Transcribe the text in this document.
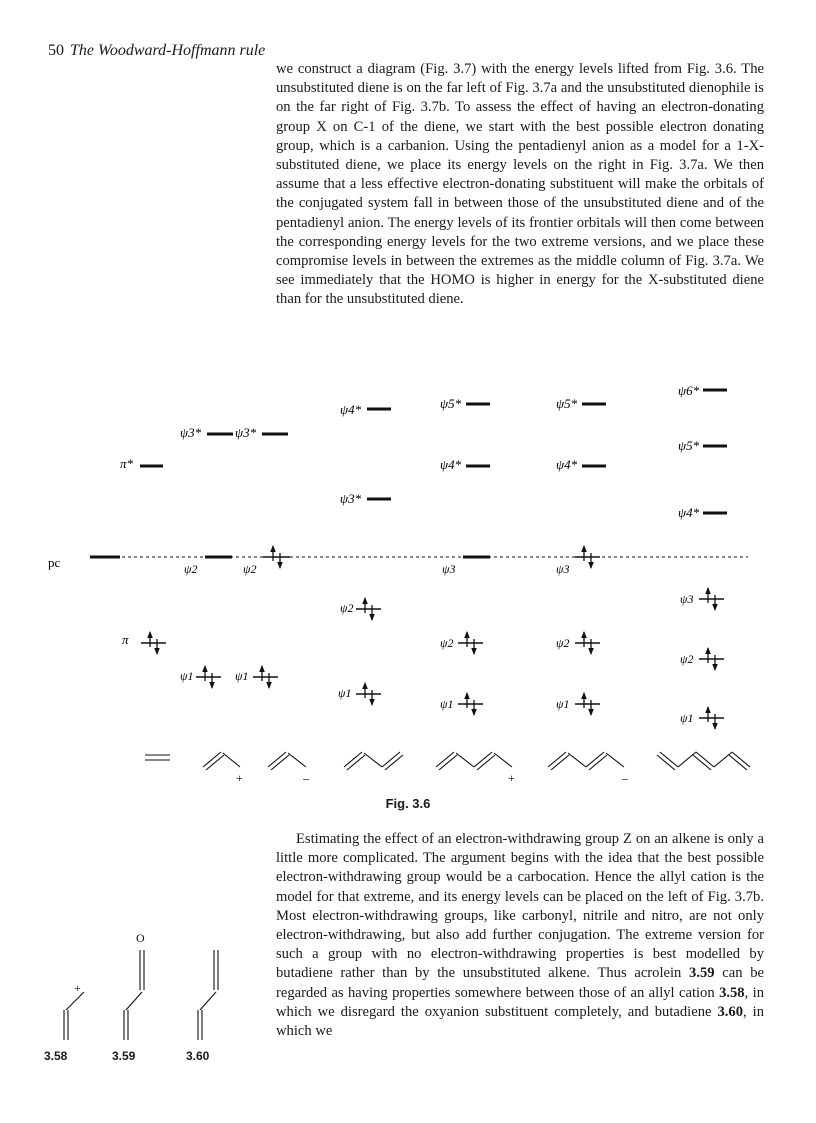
50 The Woodward-Hoffmann rule

we construct a diagram (Fig. 3.7) with the energy levels lifted from Fig. 3.6. The unsubstituted diene is on the far left of Fig. 3.7a and the unsubstituted dienophile is on the far right of Fig. 3.7b. To assess the effect of having an electron-donating group X on C-1 of the diene, we start with the best possible electron donating group, which is a carbanion. Using the pentadienyl anion as a model for a 1-X-substituted diene, we place its energy levels on the right in Fig. 3.7a. We then assume that a less effective electron-donating substituent will make the orbitals of the conjugated system fall in between those of the unsubstituted diene and of the pentadienyl anion. The energy levels of its frontier orbitals will then come between the corresponding energy levels for the two extreme versions, and we place these compromise levels in between the extremes as the middle column of Fig. 3.7a. We see immediately that the HOMO is higher in energy for the X-substituted diene than for the unsubstituted diene.

pc
π*
π
ψ3*
ψ2
ψ1
ψ3*
ψ2
ψ1
ψ4*
ψ3*
ψ2
ψ1
ψ5*
ψ4*
ψ3
ψ2
ψ1
ψ5*
ψ4*
ψ3
ψ2
ψ1
ψ6*
ψ5*
ψ4*
ψ3
ψ2
ψ1
+	–	+	–
Fig. 3.6

Estimating the effect of an electron-withdrawing group Z on an alkene is only a little more complicated. The argument begins with the idea that the best possible electron-withdrawing group would be a carbocation. Hence the allyl cation is the model for that extreme, and its energy levels can be placed on the left of Fig. 3.7b. Most electron-withdrawing groups, like carbonyl, nitrile and nitro, are not only electron-withdrawing, but also add further conjugation. The extreme version for such a group with no electron-withdrawing properties is best modelled by butadiene rather than by the unsubstituted alkene. Thus acrolein 3.59 can be regarded as having properties somewhere between those of an allyl cation 3.58, in which we disregard the oxyanion substituent completely, and butadiene 3.60, in which we

+
O
3.58	3.59	3.60
